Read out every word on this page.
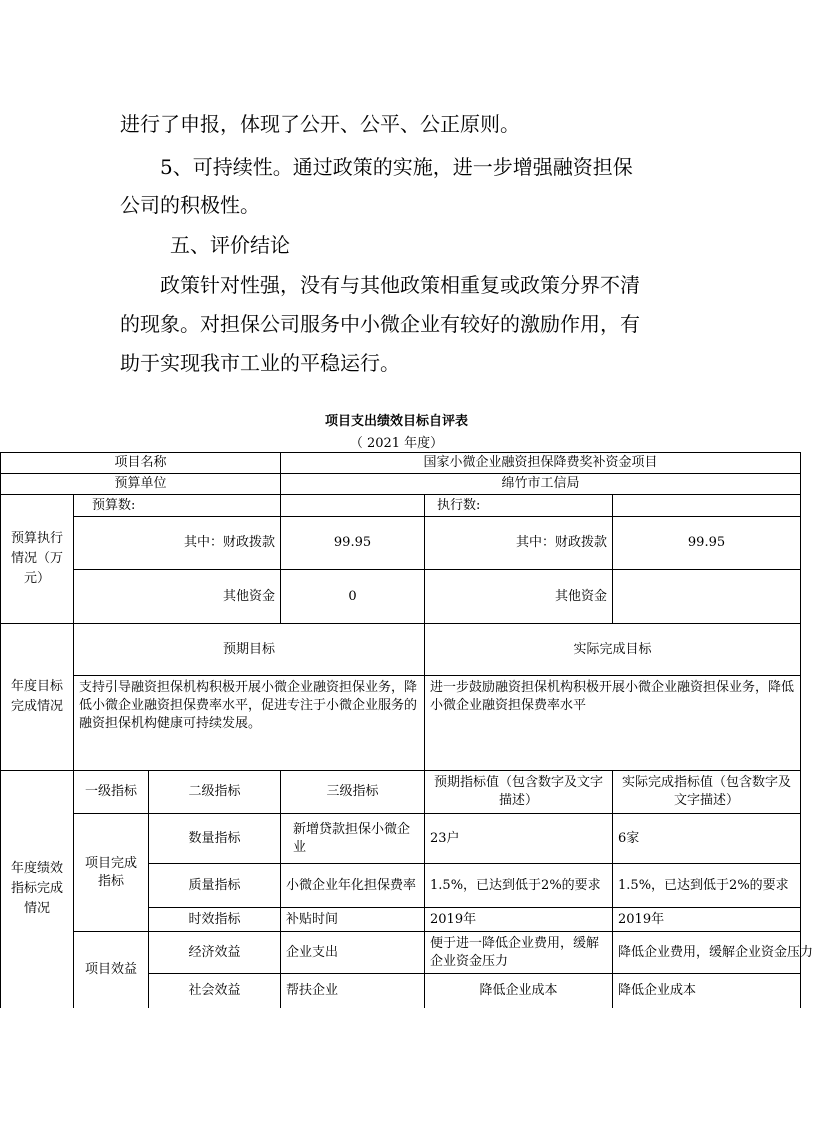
进行了申报，体现了公开、公平、公正原则。

5、可持续性。通过政策的实施，进一步增强融资担保

公司的积极性。

五、评价结论

政策针对性强，没有与其他政策相重复或政策分界不清

的现象。对担保公司服务中小微企业有较好的激励作用，有

助于实现我市工业的平稳运行。

项目支出绩效目标自评表
（ 2021 年度）
项目名称			国家小微企业融资担保降费奖补资金项目		
预算单位			绵竹市工信局		
预算执行情况（万元）	预算数:			执行数:	
	其中：财政拨款		99.95	其中：财政拨款	99.95
	其他资金		0	其他资金	
年度目标完成情况	预期目标			实际完成目标	
	支持引导融资担保机构积极开展小微企业融资担保业务，降低小微企业融资担保费率水平，促进专注于小微企业服务的融资担保机构健康可持续发展。			进一步鼓励融资担保机构积极开展小微企业融资担保业务，降低小微企业融资担保费率水平	
年度绩效指标完成情况	一级指标	二级指标	三级指标	预期指标值（包含数字及文字描述）	实际完成指标值（包含数字及文字描述）
	项目完成指标	数量指标	新增贷款担保小微企业	23户	6家
		质量指标	小微企业年化担保费率	1.5%，已达到低于2%的要求	1.5%，已达到低于2%的要求
		时效指标	补贴时间	2019年	2019年
	项目效益	经济效益	企业支出	便于进一降低企业费用，缓解企业资金压力	降低企业费用，缓解企业资金压力
		社会效益	帮扶企业	降低企业成本	降低企业成本
